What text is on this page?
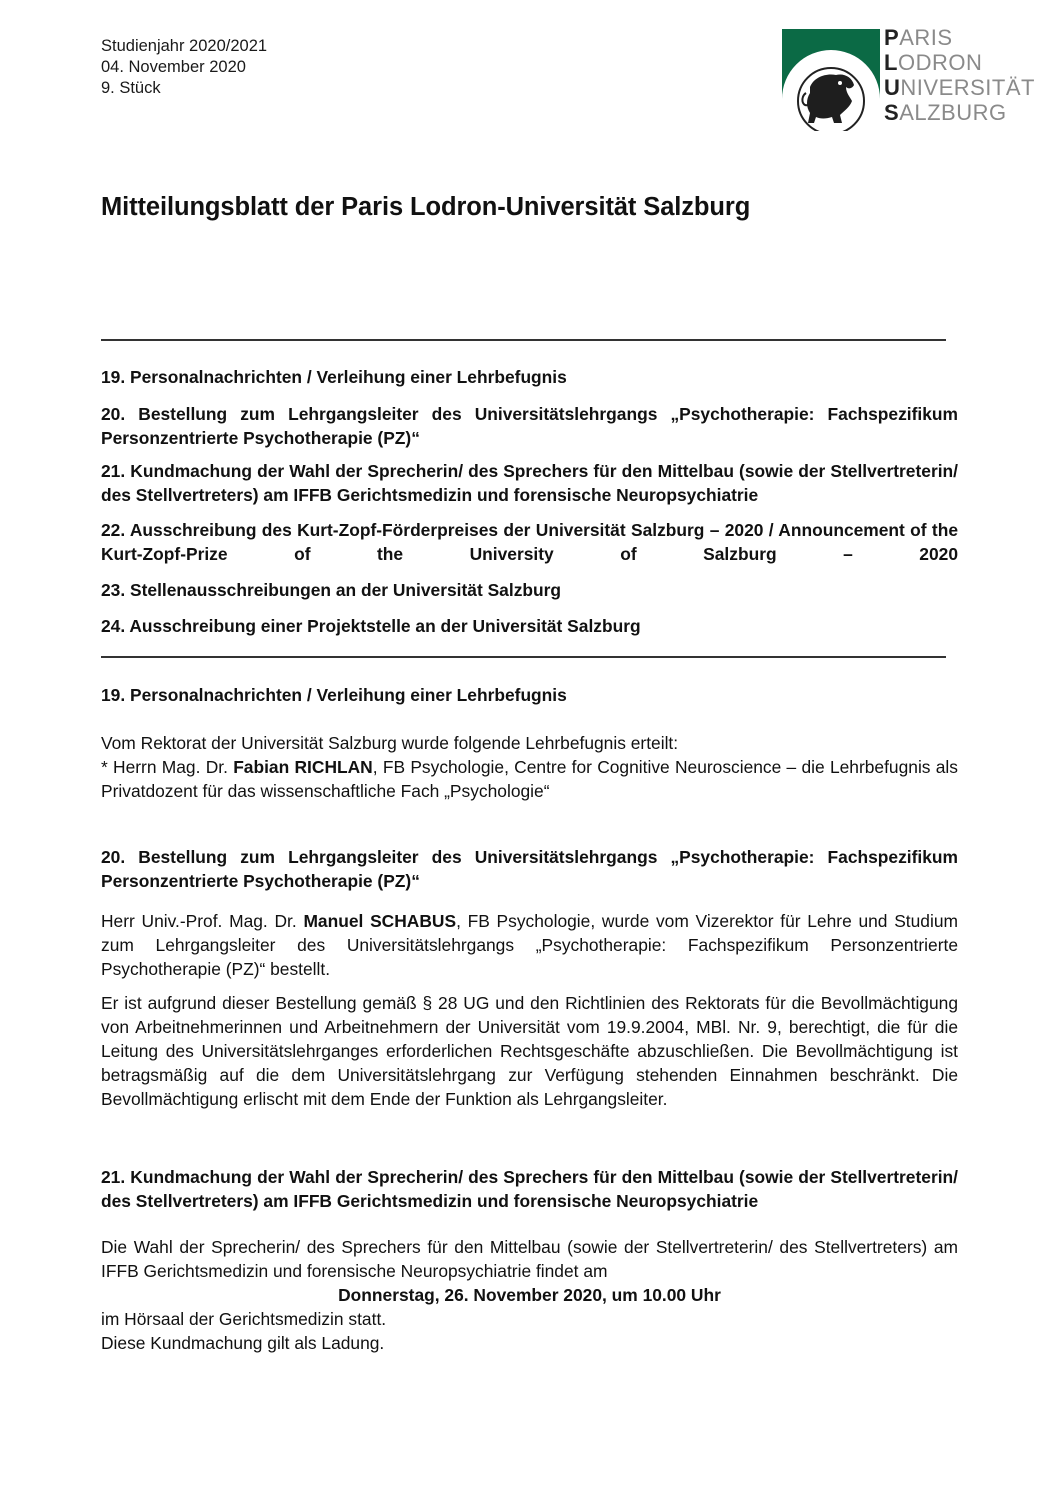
Studienjahr 2020/2021
04. November 2020
9. Stück
PARIS
LODRON
UNIVERSITÄT
SALZBURG
Mitteilungsblatt der Paris Lodron-Universität Salzburg

19. Personalnachrichten / Verleihung einer Lehrbefugnis

20. Bestellung zum Lehrgangsleiter des Universitätslehrgangs „Psychotherapie: Fachspezifikum Personzentrierte Psychotherapie (PZ)“

21. Kundmachung der Wahl der Sprecherin/ des Sprechers für den Mittelbau (sowie der Stellvertreterin/ des Stellvertreters) am IFFB Gerichtsmedizin und forensische Neuropsychiatrie

22. Ausschreibung des Kurt-Zopf-Förderpreises der Universität Salzburg – 2020 / Announcement of the Kurt-Zopf-Prize of the University of Salzburg – 2020

23. Stellenausschreibungen an der Universität Salzburg

24. Ausschreibung einer Projektstelle an der Universität Salzburg

19. Personalnachrichten / Verleihung einer Lehrbefugnis

Vom Rektorat der Universität Salzburg wurde folgende Lehrbefugnis erteilt:

* Herrn Mag. Dr. Fabian RICHLAN, FB Psychologie, Centre for Cognitive Neuroscience – die Lehrbefugnis als Privatdozent für das wissenschaftliche Fach „Psychologie“

20. Bestellung zum Lehrgangsleiter des Universitätslehrgangs „Psychotherapie: Fachspezifikum Personzentrierte Psychotherapie (PZ)“

Herr Univ.-Prof. Mag. Dr. Manuel SCHABUS, FB Psychologie, wurde vom Vizerektor für Lehre und Studium zum Lehrgangsleiter des Universitätslehrgangs „Psychotherapie: Fachspezifikum Personzentrierte Psychotherapie (PZ)“ bestellt.

Er ist aufgrund dieser Bestellung gemäß § 28 UG und den Richtlinien des Rektorats für die Bevollmächtigung von Arbeitnehmerinnen und Arbeitnehmern der Universität vom 19.9.2004, MBl. Nr. 9, berechtigt, die für die Leitung des Universitätslehrganges erforderlichen Rechtsgeschäfte abzuschließen. Die Bevollmächtigung ist betragsmäßig auf die dem Universitätslehrgang zur Verfügung stehenden Einnahmen beschränkt. Die Bevollmächtigung erlischt mit dem Ende der Funktion als Lehrgangsleiter.

21. Kundmachung der Wahl der Sprecherin/ des Sprechers für den Mittelbau (sowie der Stellvertreterin/ des Stellvertreters) am IFFB Gerichtsmedizin und forensische Neuropsychiatrie

Die Wahl der Sprecherin/ des Sprechers für den Mittelbau (sowie der Stellvertreterin/ des Stellvertreters) am IFFB Gerichtsmedizin und forensische Neuropsychiatrie findet am

Donnerstag, 26. November 2020, um 10.00 Uhr

im Hörsaal der Gerichtsmedizin statt.

Diese Kundmachung gilt als Ladung.
